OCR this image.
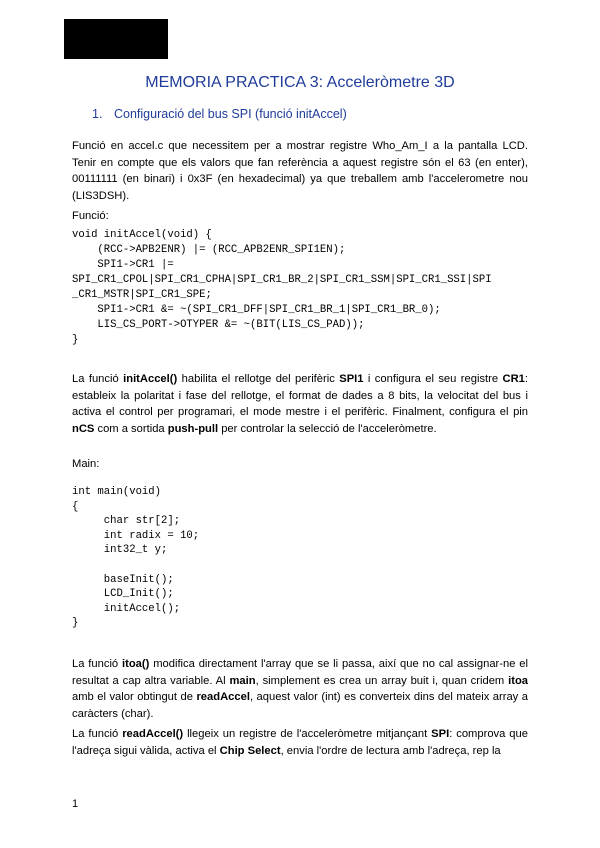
MEMORIA PRACTICA 3: Acceleròmetre 3D
1. Configuració del bus SPI (funció initAccel)

Funció en accel.c que necessitem per a mostrar registre Who_Am_I a la pantalla LCD. Tenir en compte que els valors que fan referència a aquest registre són el 63 (en enter), 00111111 (en binari) i 0x3F (en hexadecimal) ya que treballem amb l'accelerometre nou (LIS3DSH).

Funció:

void initAccel(void) {
(RCC->APB2ENR) |= (RCC_APB2ENR_SPI1EN);
SPI1->CR1 |=
SPI_CR1_CPOL|SPI_CR1_CPHA|SPI_CR1_BR_2|SPI_CR1_SSM|SPI_CR1_SSI|SPI
_CR1_MSTR|SPI_CR1_SPE;
SPI1->CR1 &= ~(SPI_CR1_DFF|SPI_CR1_BR_1|SPI_CR1_BR_0);
LIS_CS_PORT->OTYPER &= ~(BIT(LIS_CS_PAD));
}

La funció initAccel() habilita el rellotge del perifèric SPI1 i configura el seu registre CR1: estableix la polaritat i fase del rellotge, el format de dades a 8 bits, la velocitat del bus i activa el control per programari, el mode mestre i el perifèric. Finalment, configura el pin nCS com a sortida push-pull per controlar la selecció de l'acceleròmetre.

Main:

int main(void)
{
char str[2];
int radix = 10;
int32_t y;
baseInit();
LCD_Init();
initAccel();
}

La funció itoa() modifica directament l'array que se li passa, així que no cal assignar-ne el resultat a cap altra variable. Al main, simplement es crea un array buit i, quan cridem itoa amb el valor obtingut de readAccel, aquest valor (int) es converteix dins del mateix array a caràcters (char).

La funció readAccel() llegeix un registre de l'acceleròmetre mitjançant SPI: comprova que l'adreça sigui vàlida, activa el Chip Select, envia l'ordre de lectura amb l'adreça, rep la

1
